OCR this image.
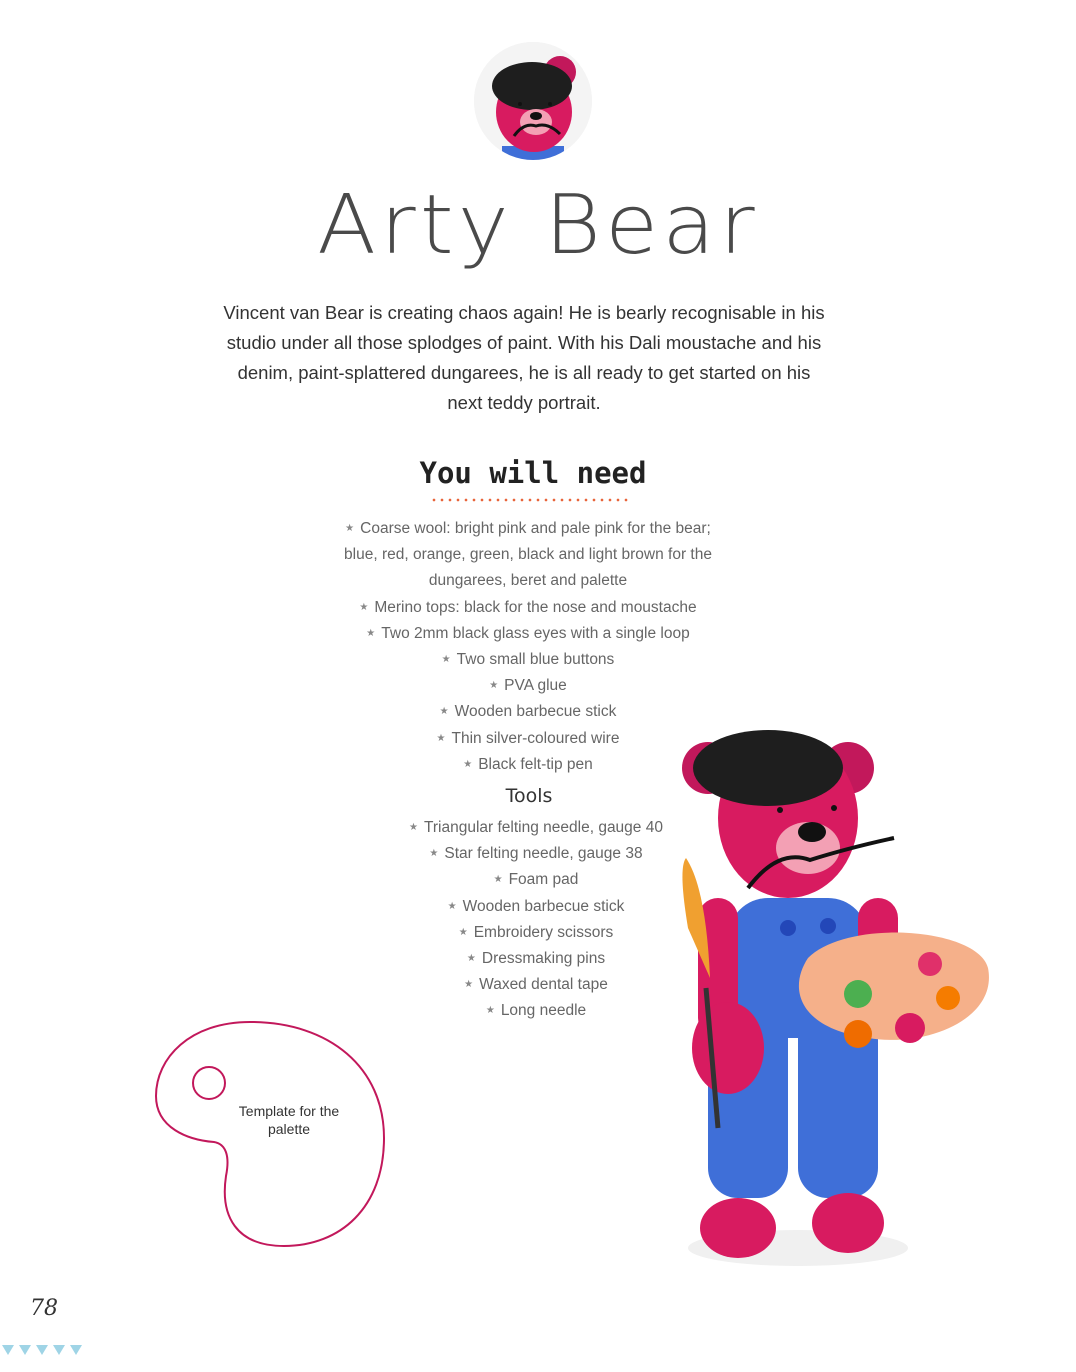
Arty Bear

Vincent van Bear is creating chaos again! He is bearly recognisable in his studio under all those splodges of paint. With his Dali moustache and his denim, paint-splattered dungarees, he is all ready to get started on his next teddy portrait.

You will need
★ Coarse wool: bright pink and pale pink for the bear; blue, red, orange, green, black and light brown for the dungarees, beret and palette
★ Merino tops: black for the nose and moustache
★ Two 2mm black glass eyes with a single loop
★ Two small blue buttons
★ PVA glue
★ Wooden barbecue stick
★ Thin silver-coloured wire
★ Black felt-tip pen
Tools
★ Triangular felting needle, gauge 40
★ Star felting needle, gauge 38
★ Foam pad
★ Wooden barbecue stick
★ Embroidery scissors
★ Dressmaking pins
★ Waxed dental tape
★ Long needle
Template for the palette
78
